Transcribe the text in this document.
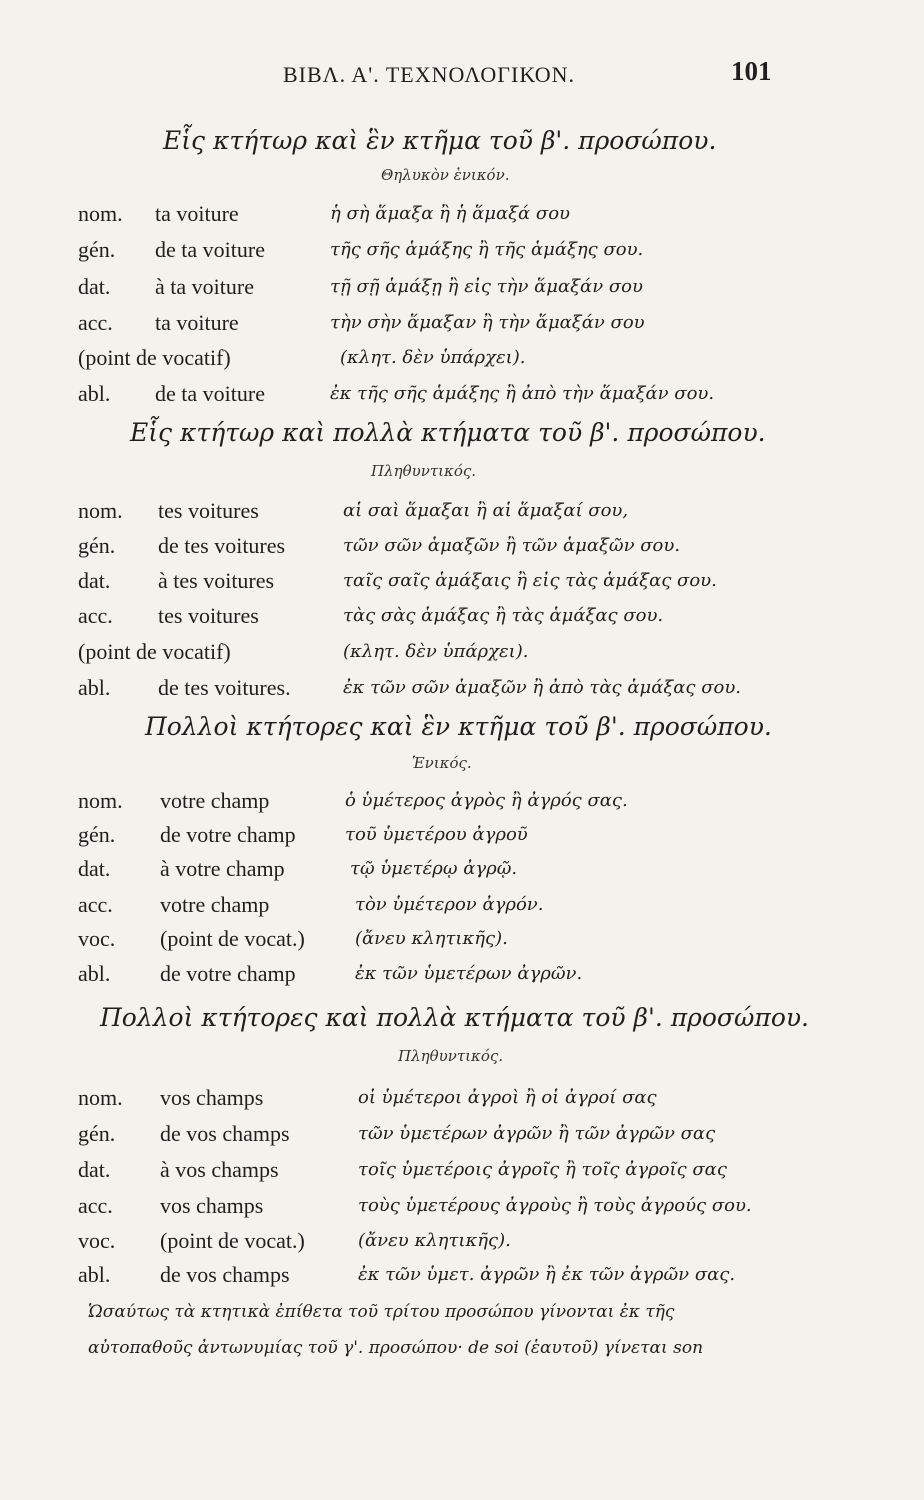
ΒΙΒΛ. Α'. ΤΕΧΝΟΛΟΓΙΚΟΝ.	101
Εἷς κτήτωρ καὶ ἓν κτῆμα τοῦ β'. προσώπου.
Θηλυκὸν ἑνικόν.
nom. ta voiture	ἡ σὴ ἅμαξα ἢ ἡ ἅμαξά σου
gén. de ta voiture	τῆς σῆς ἁμάξης ἢ τῆς ἁμάξης σου.
dat. à ta voiture	τῇ σῇ ἁμάξῃ ἢ εἰς τὴν ἅμαξάν σου
acc. ta voiture	τὴν σὴν ἅμαξαν ἢ τὴν ἅμαξάν σου
(point de vocatif)	(κλητ. δὲν ὑπάρχει).
abl. de ta voiture	ἐκ τῆς σῆς ἁμάξης ἢ ἀπὸ τὴν ἅμαξάν σου.
Εἷς κτήτωρ καὶ πολλὰ κτήματα τοῦ β'. προσώπου.
Πληθυντικός.
nom. tes voitures	αἱ σαὶ ἅμαξαι ἢ αἱ ἅμαξαί σου,
gén. de tes voitures	τῶν σῶν ἁμαξῶν ἢ τῶν ἁμαξῶν σου.
dat. à tes voitures	ταῖς σαῖς ἁμάξαις ἢ εἰς τὰς ἁμάξας σου.
acc. tes voitures	τὰς σὰς ἁμάξας ἢ τὰς ἁμάξας σου.
(point de vocatif)	(κλητ. δὲν ὑπάρχει).
abl. de tes voitures.	ἐκ τῶν σῶν ἁμαξῶν ἢ ἀπὸ τὰς ἁμάξας σου.
Πολλοὶ κτήτορες καὶ ἓν κτῆμα τοῦ β'. προσώπου.
Ἑνικός.
nom. votre champ	ὁ ὑμέτερος ἀγρὸς ἢ ἀγρός σας.
gén. de votre champ	τοῦ ὑμετέρου ἀγροῦ
dat. à votre champ	τῷ ὑμετέρῳ ἀγρῷ.
acc. votre champ	τὸν ὑμέτερον ἀγρόν.
voc. (point de vocat.)	(ἄνευ κλητικῆς).
abl. de votre champ	ἐκ τῶν ὑμετέρων ἀγρῶν.
Πολλοὶ κτήτορες καὶ πολλὰ κτήματα τοῦ β'. προσώπου.
Πληθυντικός.
nom. vos champs	οἱ ὑμέτεροι ἀγροὶ ἢ οἱ ἀγροί σας
gén. de vos champs	τῶν ὑμετέρων ἀγρῶν ἢ τῶν ἀγρῶν σας
dat. à vos champs	τοῖς ὑμετέροις ἀγροῖς ἢ τοῖς ἀγροῖς σας
acc. vos champs	τοὺς ὑμετέρους ἀγροὺς ἢ τοὺς ἀγρούς σου.
voc. (point de vocat.)	(ἄνευ κλητικῆς).
abl. de vos champs	ἐκ τῶν ὑμετ. ἀγρῶν ἢ ἐκ τῶν ἀγρῶν σας.
Ὡσαύτως τὰ κτητικὰ ἐπίθετα τοῦ τρίτου προσώπου γίνονται ἐκ τῆς
αὐτοπαθοῦς ἀντωνυμίας τοῦ γ'. προσώπου· de soi (ἑαυτοῦ) γίνεται son
